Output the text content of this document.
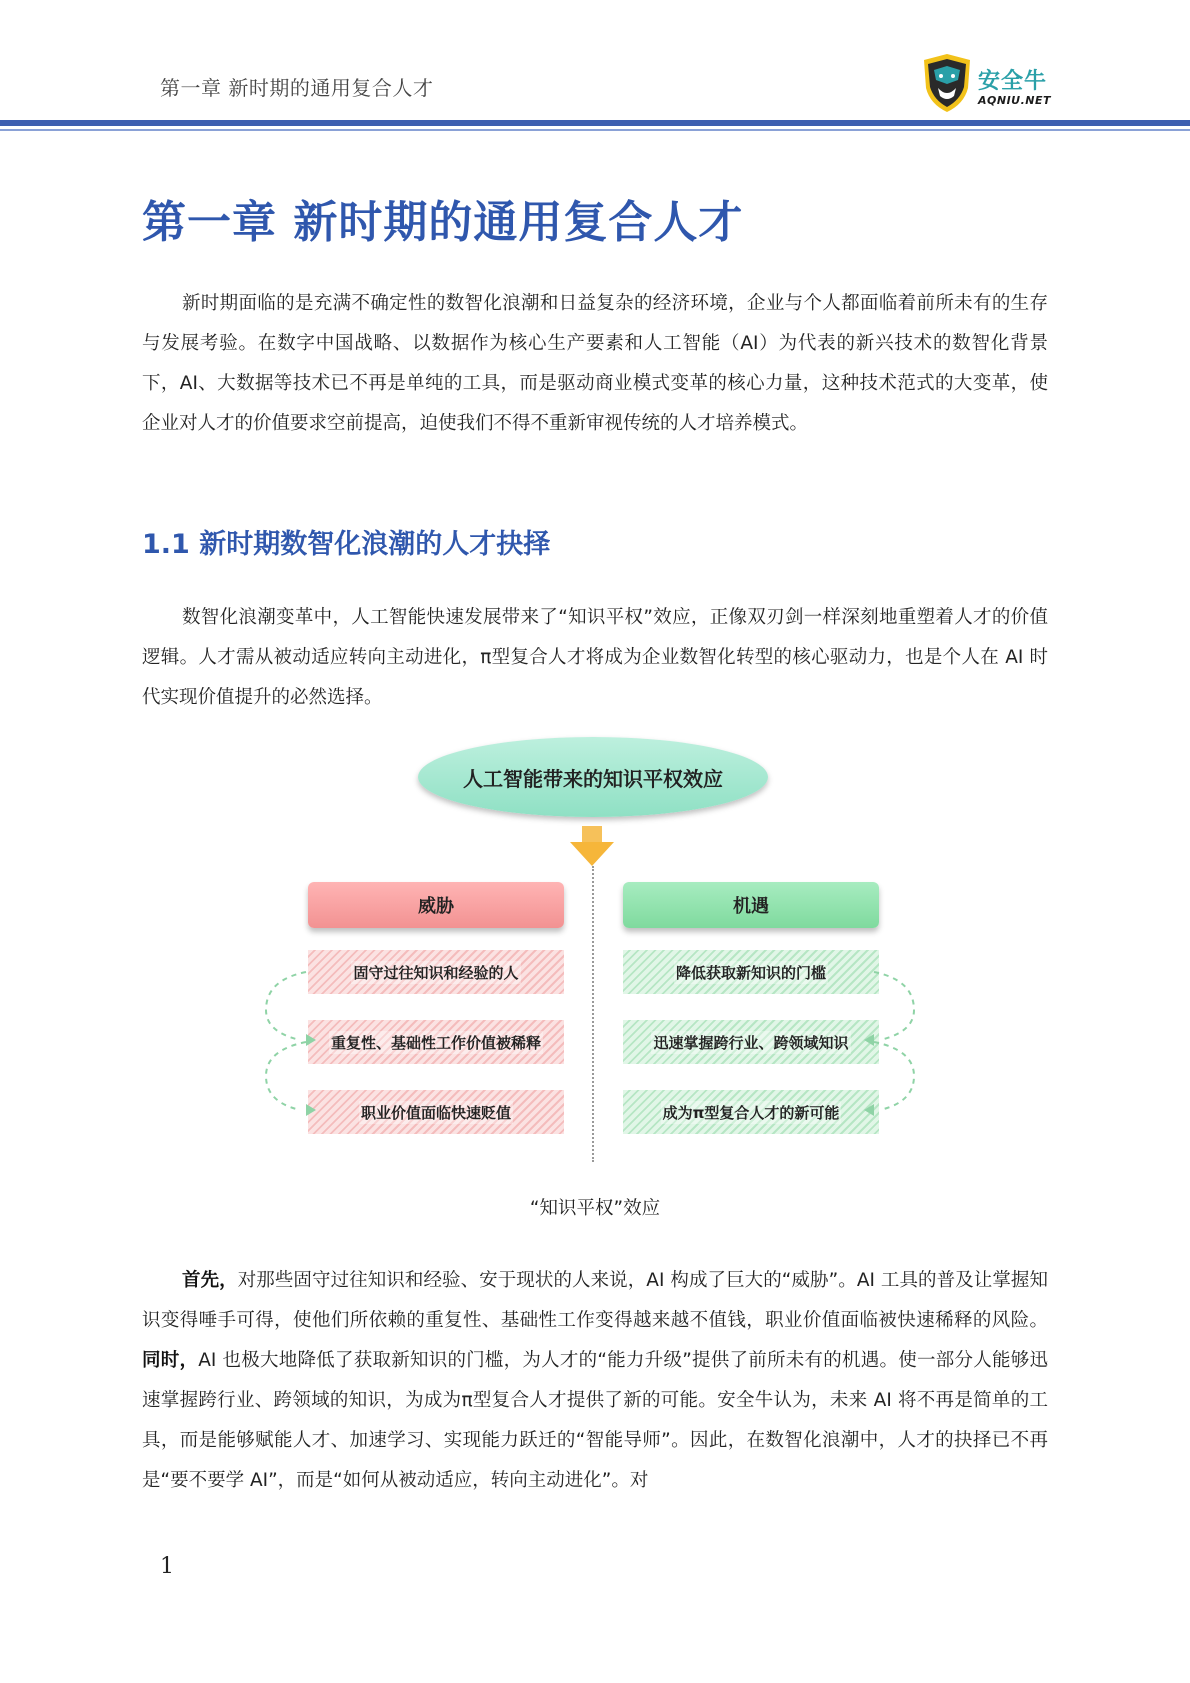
第一章 新时期的通用复合人才	安全牛
AQNIU.NET
第一章 新时期的通用复合人才

新时期面临的是充满不确定性的数智化浪潮和日益复杂的经济环境，企业与个人都面临着前所未有的生存与发展考验。在数字中国战略、以数据作为核心生产要素和人工智能（AI）为代表的新兴技术的数智化背景下，AI、大数据等技术已不再是单纯的工具，而是驱动商业模式变革的核心力量，这种技术范式的大变革，使企业对人才的价值要求空前提高，迫使我们不得不重新审视传统的人才培养模式。

1.1 新时期数智化浪潮的人才抉择

数智化浪潮变革中，人工智能快速发展带来了“知识平权”效应，正像双刃剑一样深刻地重塑着人才的价值逻辑。人才需从被动适应转向主动进化，π型复合人才将成为企业数智化转型的核心驱动力，也是个人在 AI 时代实现价值提升的必然选择。

人工智能带来的知识平权效应
威胁	机遇
固守过往知识和经验的人
重复性、基础性工作价值被稀释
职业价值面临快速贬值
降低获取新知识的门槛
迅速掌握跨行业、跨领域知识
成为π型复合人才的新可能
“知识平权”效应

首先，对那些固守过往知识和经验、安于现状的人来说，AI 构成了巨大的“威胁”。AI 工具的普及让掌握知识变得唾手可得，使他们所依赖的重复性、基础性工作变得越来越不值钱，职业价值面临被快速稀释的风险。同时，AI 也极大地降低了获取新知识的门槛，为人才的“能力升级”提供了前所未有的机遇。使一部分人能够迅速掌握跨行业、跨领域的知识，为成为π型复合人才提供了新的可能。安全牛认为，未来 AI 将不再是简单的工具，而是能够赋能人才、加速学习、实现能力跃迁的“智能导师”。因此，在数智化浪潮中，人才的抉择已不再是“要不要学 AI”，而是“如何从被动适应，转向主动进化”。对

1
